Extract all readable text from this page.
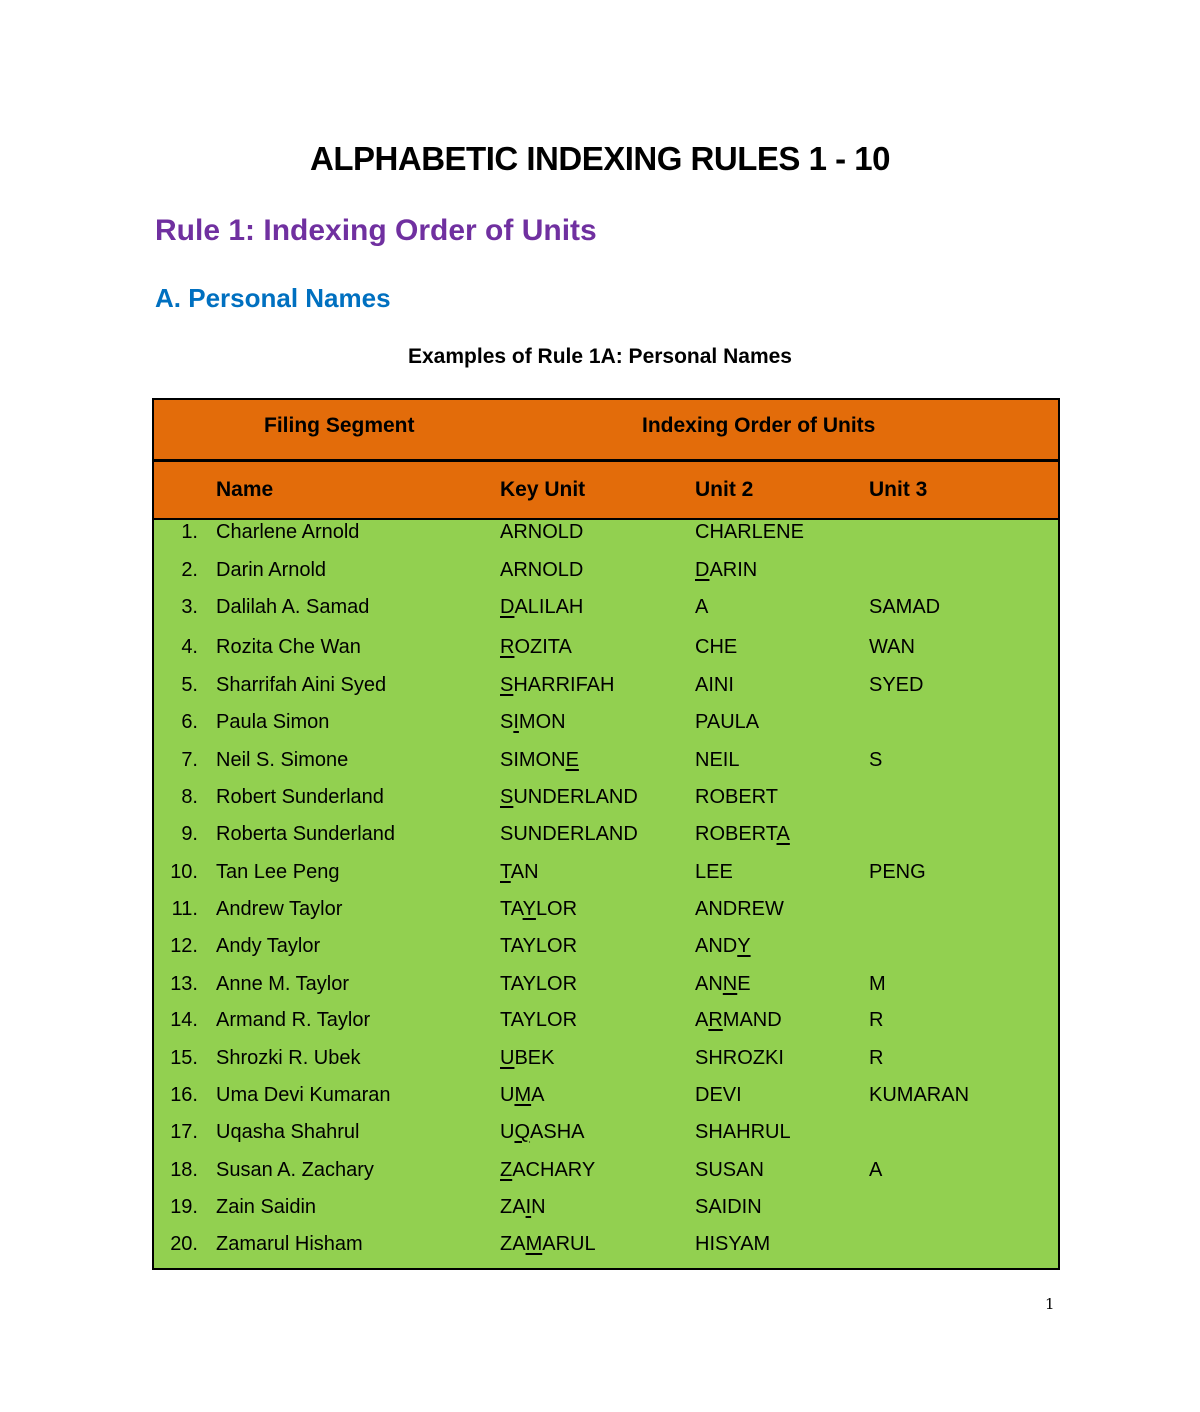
ALPHABETIC INDEXING RULES 1 - 10
Rule 1: Indexing Order of Units
A. Personal Names
Examples of Rule 1A: Personal Names
Filing Segment	Indexing Order of Units
Name	Key Unit	Unit 2	Unit 3
1. Charlene Arnold	ARNOLD	CHARLENE
2. Darin Arnold	ARNOLD	DARIN
3. Dalilah A. Samad	DALILAH	A	SAMAD
4. Rozita Che Wan	ROZITA	CHE	WAN
5. Sharrifah Aini Syed	SHARRIFAH	AINI	SYED
6. Paula Simon	SIMON	PAULA
7. Neil S. Simone	SIMONE	NEIL	S
8. Robert Sunderland	SUNDERLAND	ROBERT
9. Roberta Sunderland	SUNDERLAND	ROBERTA
10. Tan Lee Peng	TAN	LEE	PENG
11. Andrew Taylor	TAYLOR	ANDREW
12. Andy Taylor	TAYLOR	ANDY
13. Anne M. Taylor	TAYLOR	ANNE	M
14. Armand R. Taylor	TAYLOR	ARMAND	R
15. Shrozki R. Ubek	UBEK	SHROZKI	R
16. Uma Devi Kumaran	UMA	DEVI	KUMARAN
17. Uqasha Shahrul	UQASHA	SHAHRUL
18. Susan A. Zachary	ZACHARY	SUSAN	A
19. Zain Saidin	ZAIN	SAIDIN
20. Zamarul Hisham	ZAMARUL	HISYAM
1
